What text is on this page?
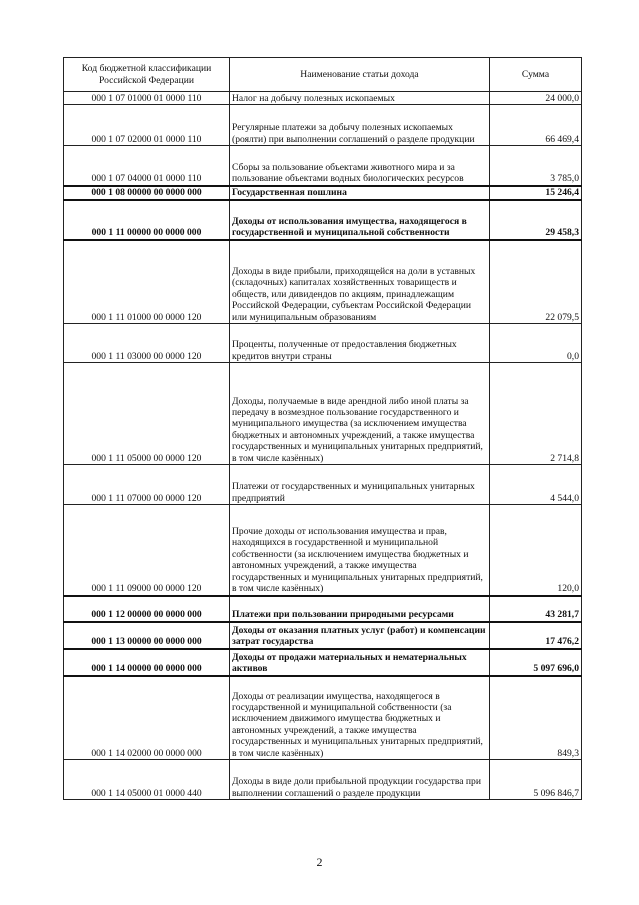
Код бюджетной классификации Российской Федерации	Наименование статьи дохода	Сумма
000 1 07 01000 01 0000 110	Налог на добычу полезных ископаемых	24 000,0
000 1 07 02000 01 0000 110	Регулярные платежи за добычу полезных ископаемых (роялти) при выполнении соглашений о разделе продукции	66 469,4
000 1 07 04000 01 0000 110	Сборы за пользование объектами животного мира и за пользование объектами водных биологических ресурсов	3 785,0
000 1 08 00000 00 0000 000	Государственная пошлина	15 246,4
000 1 11 00000 00 0000 000	Доходы от использования имущества, находящегося в государственной и муниципальной собственности	29 458,3
000 1 11 01000 00 0000 120	Доходы в виде прибыли, приходящейся на доли в уставных (складочных) капиталах хозяйственных товариществ и обществ, или дивидендов по акциям, принадлежащим Российской Федерации, субъектам Российской Федерации или муниципальным образованиям	22 079,5
000 1 11 03000 00 0000 120	Проценты, полученные от предоставления бюджетных кредитов внутри страны	0,0
000 1 11 05000 00 0000 120	Доходы, получаемые в виде арендной либо иной платы за передачу в возмездное пользование государственного и муниципального имущества (за исключением имущества бюджетных и автономных учреждений, а также имущества государственных и муниципальных унитарных предприятий, в том числе казённых)	2 714,8
000 1 11 07000 00 0000 120	Платежи от государственных и муниципальных унитарных предприятий	4 544,0
000 1 11 09000 00 0000 120	Прочие доходы от использования имущества и прав, находящихся в государственной и муниципальной собственности (за исключением имущества бюджетных и автономных учреждений, а также имущества государственных и муниципальных унитарных предприятий, в том числе казённых)	120,0
000 1 12 00000 00 0000 000	Платежи при пользовании природными ресурсами	43 281,7
000 1 13 00000 00 0000 000	Доходы от оказания платных услуг (работ) и компенсации затрат государства	17 476,2
000 1 14 00000 00 0000 000	Доходы от продажи материальных и нематериальных активов	5 097 696,0
000 1 14 02000 00 0000 000	Доходы от реализации имущества, находящегося в государственной и муниципальной собственности (за исключением движимого имущества бюджетных и автономных учреждений, а также имущества государственных и муниципальных унитарных предприятий, в том числе казённых)	849,3
000 1 14 05000 01 0000 440	Доходы в виде доли прибыльной продукции государства при выполнении соглашений о разделе продукции	5 096 846,7
2
